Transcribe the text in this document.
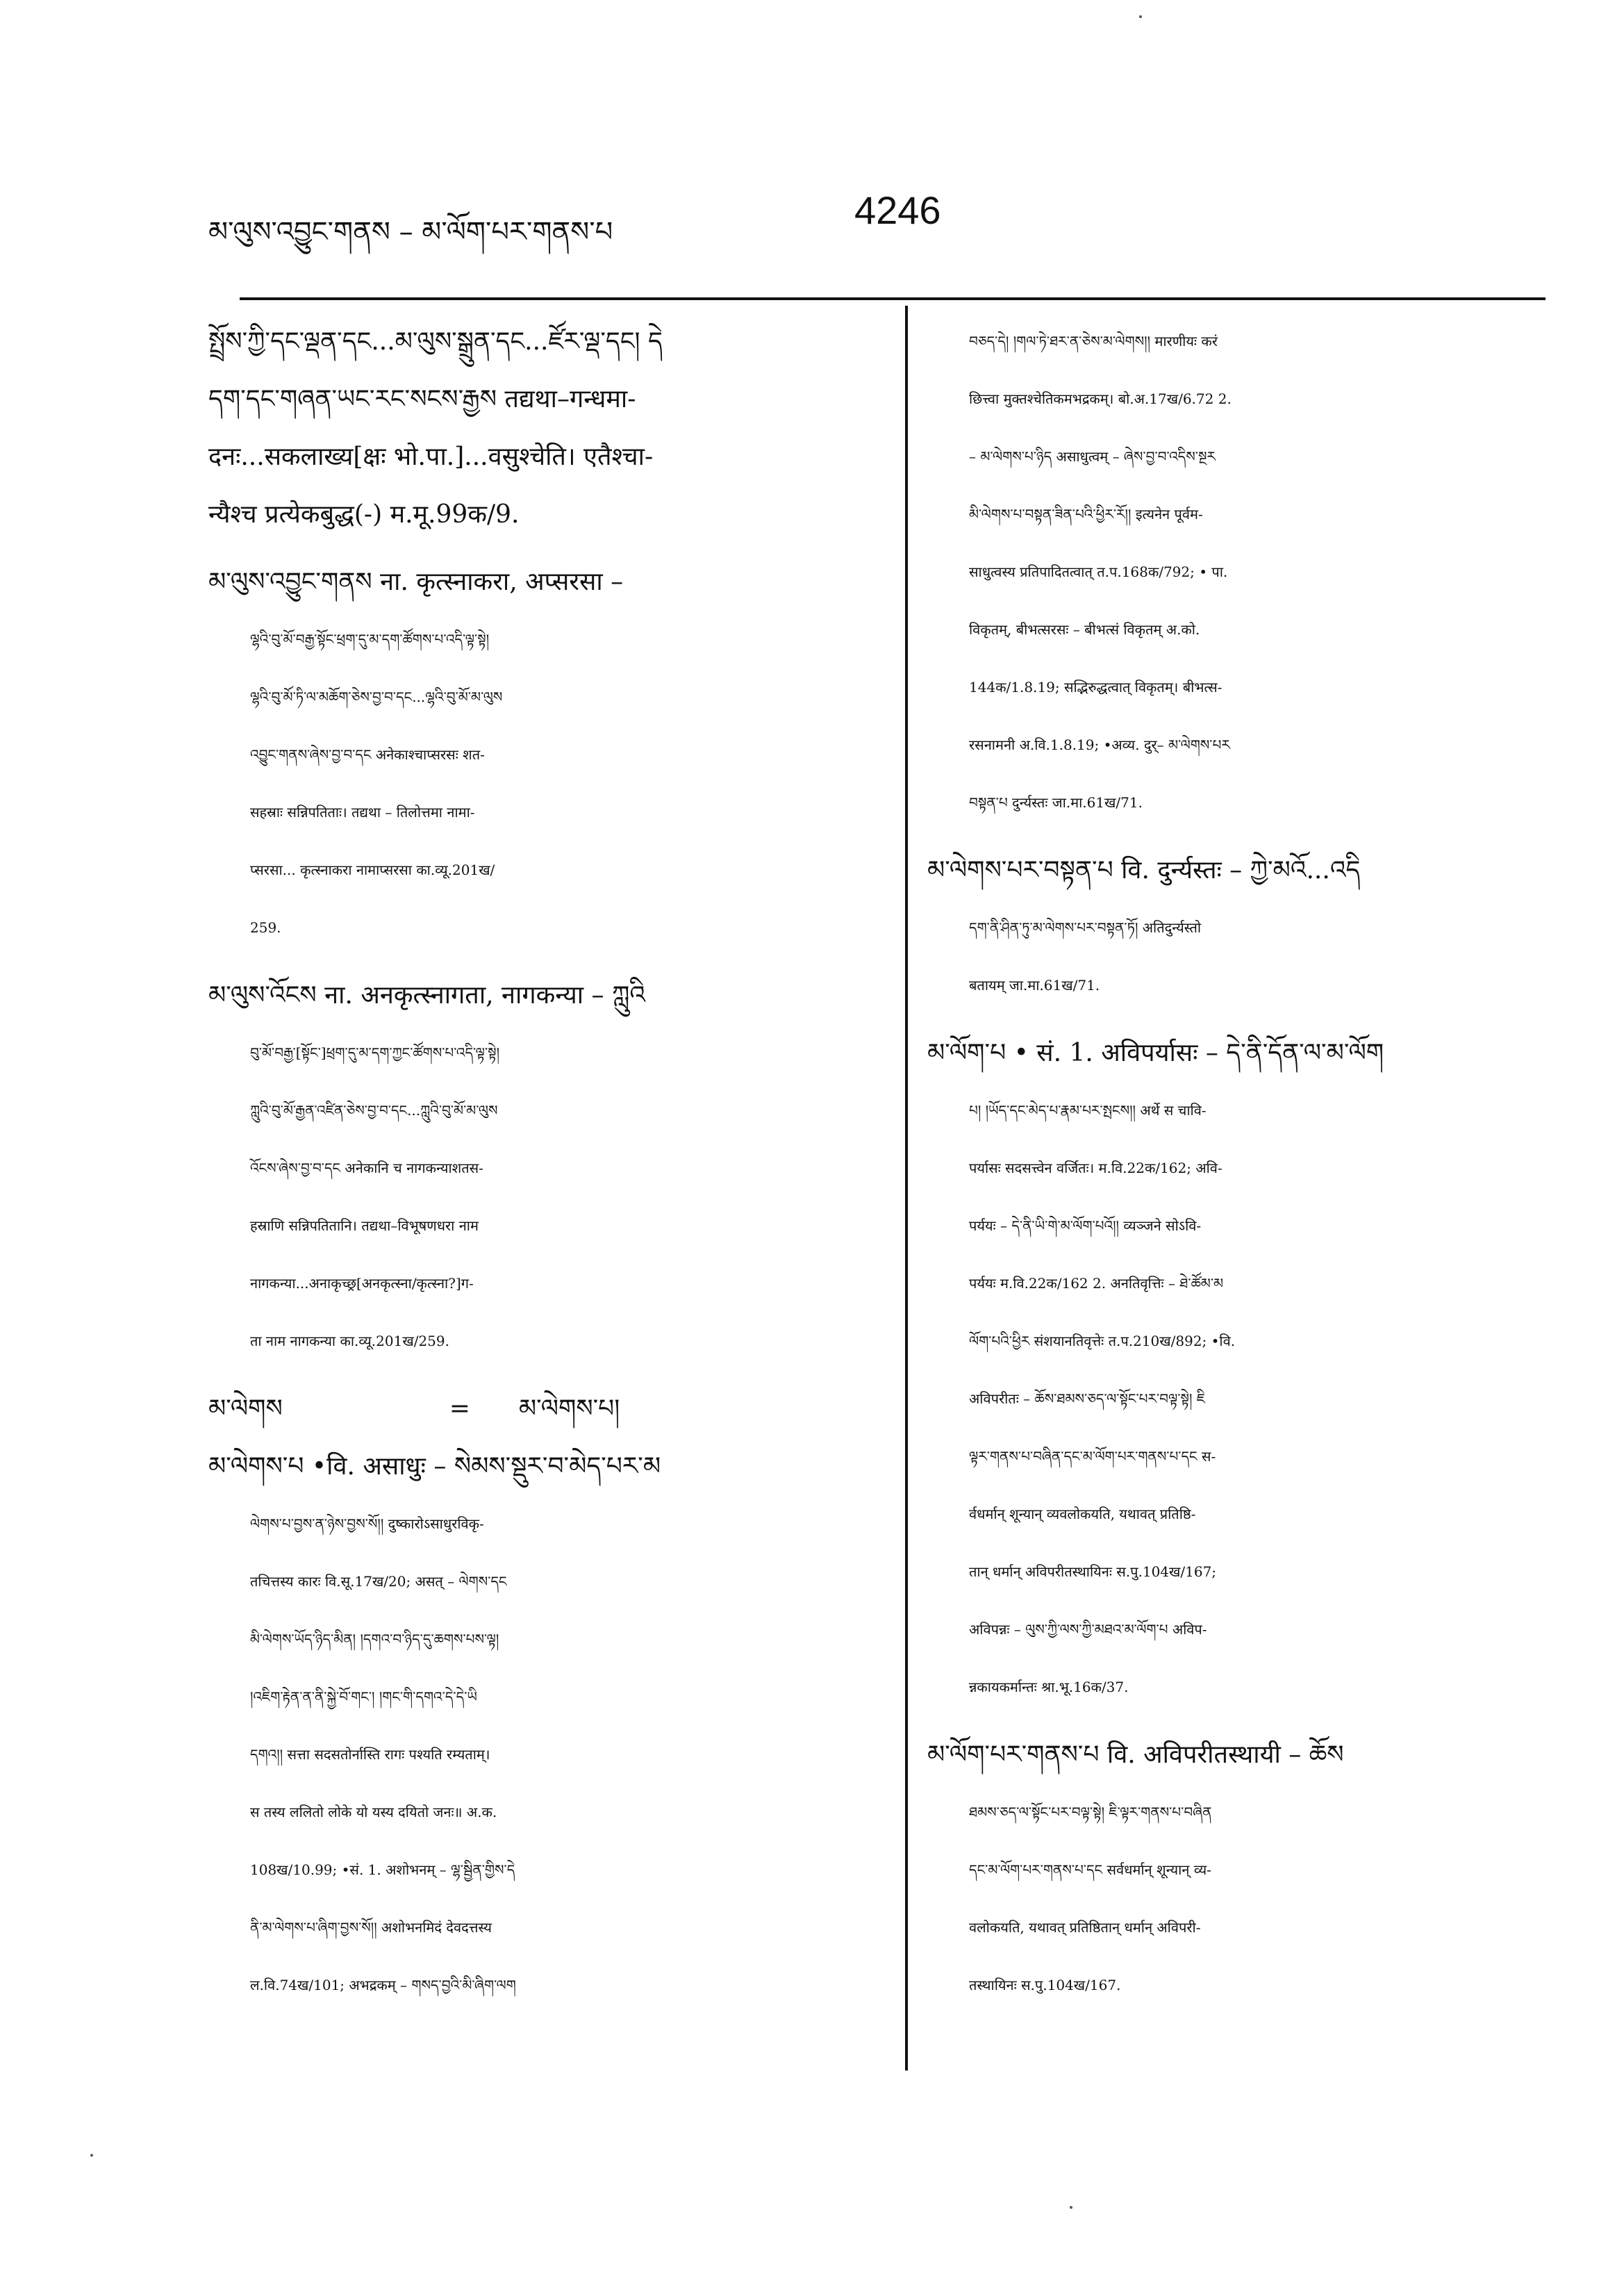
མ་ལུས་འབྱུང་གནས – མ་ལོག་པར་གནས་པ	4246
སྤྲོས་ཀྱི་དང་ལྡན་དང...མ་ལུས་སྒྲུན་དང...ཛོར་ལྡ་དང། དེ
དག་དང་གཞན་ཡང་རང་སངས་རྒྱས तद्यथा–गन्धमा-
दनः...सकलाख्य[क्षः भो.पा.]...वसुश्चेति। एतैश्चा-
न्यैश्च प्रत्येकबुद्ध(-) म.मू.99क/9.
མ་ལུས་འབྱུང་གནས ना. कृत्स्नाकरा, अप्सरसा –
ལྷའི་བུ་མོ་བརྒྱ་སྟོང་ཕྲག་དུ་མ་དག་ཚོགས་པ་འདི་ལྟ་སྟེ།
ལྷའི་བུ་མོ་ཏི་ལ་མཆོག་ཅེས་བྱ་བ་དང...ལྷའི་བུ་མོ་མ་ལུས
འབྱུང་གནས་ཞེས་བྱ་བ་དང अनेकाश्चाप्सरसः शत-
सहस्राः सन्निपतिताः। तद्यथा – तिलोत्तमा नामा-
प्सरसा... कृत्स्नाकरा नामाप्सरसा का.व्यू.201ख/
259.
མ་ལུས་འོངས ना. अनकृत्स्नागता, नागकन्या – ཀླུའི
བུ་མོ་བརྒྱ་[སྟོང་]ཕྲག་དུ་མ་དག་ཀྱང་ཚོགས་པ་འདི་ལྟ་སྟེ།
ཀླུའི་བུ་མོ་རྒྱན་འཛིན་ཅེས་བྱ་བ་དང...ཀླུའི་བུ་མོ་མ་ལུས
འོངས་ཞེས་བྱ་བ་དང अनेकानि च नागकन्याशतस-
हस्राणि सन्निपतितानि। तद्यथा–विभूषणधरा नाम
नागकन्या...अनाकृच्छ्र[अनकृत्स्ना/कृत्स्ना?]ग-
ता नाम नागकन्या का.व्यू.201ख/259.
མ་ལེགས	= མ་ལེགས་པ།
མ་ལེགས་པ •वि. असाधुः – སེམས་སྡུར་བ་མེད་པར་མ
ལེགས་པ་བྱས་ན་ཉེས་བྱས་སོ།། दुष्कारोऽसाधुरविकृ-
तचित्तस्य कारः वि.सू.17ख/20; असत् – ལེགས་དང
མི་ལེགས་ཡོད་ཉིད་མིན། །དགའ་བ་ཉིད་དུ་ཆགས་པས་ལྟ།
།འཇིག་རྟེན་ན་ནི་སྐྱེ་བོ་གང་། །གང་གི་དགའ་དེ་དེ་ཡི
དགའ།། सत्ता सदसतोर्नास्ति रागः पश्यति रम्यताम्।
स तस्य ललितो लोके यो यस्य दयितो जनः॥ अ.क.
108ख/10.99; •सं. 1. अशोभनम् – ལྷ་སྦྱིན་གྱིས་དེ
ནི་མ་ལེགས་པ་ཞིག་བྱས་སོ།། अशोभनमिदं देवदत्तस्य
ल.वि.74ख/101; अभद्रकम् – གསད་བྱའི་མི་ཞིག་ལག
བཅད་དེ། །གལ་ཏེ་ཐར་ན་ཅེས་མ་ལེགས།། मारणीयः करं
छित्त्वा मुक्तश्चेतिकमभद्रकम्। बो.अ.17ख/6.72 2.
– མ་ལེགས་པ་ཉིད असाधुत्वम् – ཞེས་བྱ་བ་འདིས་སྔར
མི་ལེགས་པ་བསྟན་ཟིན་པའི་ཕྱིར་རོ།། इत्यनेन पूर्वम-
साधुत्वस्य प्रतिपादितत्वात् त.प.168क/792; • पा.
विकृतम्, बीभत्सरसः – बीभत्सं विकृतम् अ.को.
144क/1.8.19; सद्भिरुद्धत्वात् विकृतम्। बीभत्स-
रसनामनी अ.वि.1.8.19; •अव्य. दुर्– མ་ལེགས་པར
བསྟན་པ दुर्न्यस्तः जा.मा.61ख/71.
མ་ལེགས་པར་བསྟན་པ वि. दुर्न्यस्तः – ཀྱེ་མའོ...འདི
དག་ནི་ཤིན་ཏུ་མ་ལེགས་པར་བསྟན་ཏོ། अतिदुर्न्यस्तो
बतायम् जा.मा.61ख/71.
མ་ལོག་པ • सं. 1. अविपर्यासः – དེ་ནི་དོན་ལ་མ་ལོག
པ། །ཡོད་དང་མེད་པ་རྣམ་པར་སྤངས།། अर्थे स चावि-
पर्यासः सदसत्त्वेन वर्जितः। म.वि.22क/162; अवि-
पर्ययः – དེ་ནི་ཡི་གེ་མ་ལོག་པའོ།། व्यञ्जने सोऽवि-
पर्ययः म.वि.22क/162 2. अनतिवृत्तिः – ཐེ་ཚོམ་མ
ལོག་པའི་ཕྱིར संशयानतिवृत्तेः त.प.210ख/892; •वि.
अविपरीतः – ཆོས་ཐམས་ཅད་ལ་སྟོང་པར་བལྟ་སྟེ། ཇི
ལྟར་གནས་པ་བཞིན་དང་མ་ལོག་པར་གནས་པ་དང स-
र्वधर्मान् शून्यान् व्यवलोकयति, यथावत् प्रतिष्ठि-
तान् धर्मान् अविपरीतस्थायिनः स.पु.104ख/167;
अविपन्नः – ལུས་ཀྱི་ལས་ཀྱི་མཐའ་མ་ལོག་པ अविप-
न्नकायकर्मान्तः श्रा.भू.16क/37.
མ་ལོག་པར་གནས་པ वि. अविपरीतस्थायी – ཆོས
ཐམས་ཅད་ལ་སྟོང་པར་བལྟ་སྟེ། ཇི་ལྟར་གནས་པ་བཞིན
དང་མ་ལོག་པར་གནས་པ་དང सर्वधर्मान् शून्यान् व्य-
वलोकयति, यथावत् प्रतिष्ठितान् धर्मान् अविपरी-
तस्थायिनः स.पु.104ख/167.
